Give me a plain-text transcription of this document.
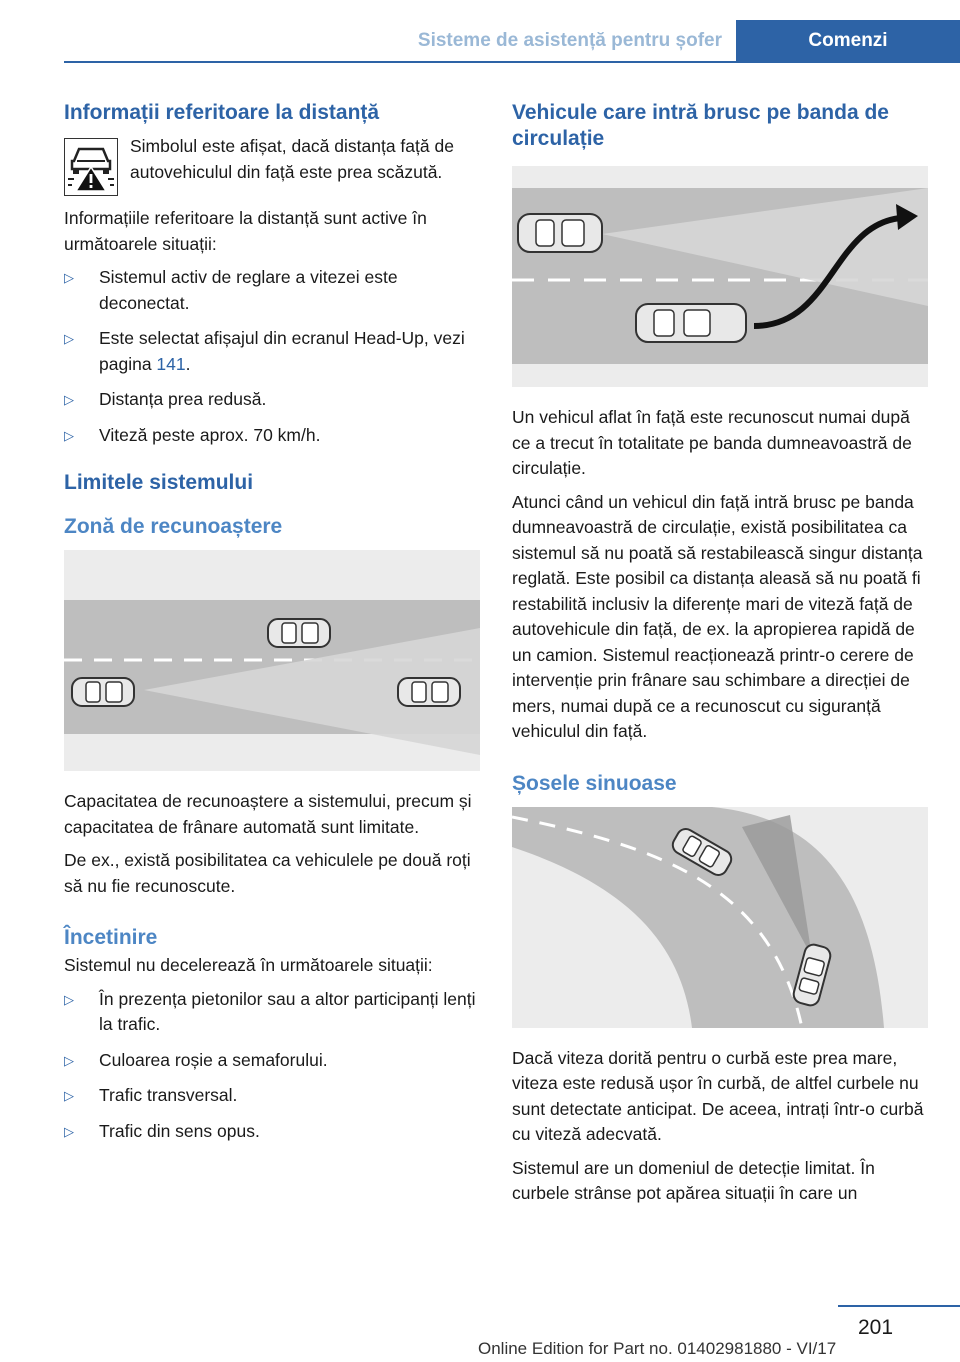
Sisteme de asistență pentru șofer	Comenzi
Informații referitoare la distanță
Simbolul este afișat, dacă distanța față de autovehiculul din față este prea scăzută.
Informațiile referitoare la distanță sunt active în următoarele situații:
▷	Sistemul activ de reglare a vitezei este deconectat.
▷	Este selectat afișajul din ecranul Head-Up, vezi pagina 141.
▷	Distanța prea redusă.
▷	Viteză peste aprox. 70 km/h.
Limitele sistemului
Zonă de recunoaștere
Capacitatea de recunoaștere a sistemului, precum și capacitatea de frânare automată sunt limitate.
De ex., există posibilitatea ca vehiculele pe două roți să nu fie recunoscute.
Încetinire
Sistemul nu decelerează în următoarele situații:
▷	În prezența pietonilor sau a altor participanți lenți la trafic.
▷	Culoarea roșie a semaforului.
▷	Trafic transversal.
▷	Trafic din sens opus.
Vehicule care intră brusc pe banda de circulație
Un vehicul aflat în față este recunoscut numai după ce a trecut în totalitate pe banda dumneavoastră de circulație.
Atunci când un vehicul din față intră brusc pe banda dumneavoastră de circulație, există posibilitatea ca sistemul să nu poată să restabilească singur distanța reglată. Este posibil ca distanța aleasă să nu poată fi restabilită inclusiv la diferențe mari de viteză față de autovehicule din față, de ex. la apropierea rapidă de un camion. Sistemul reacționează printr-o cerere de intervenție prin frânare sau schimbare a direcției de mers, numai după ce a recunoscut cu siguranță vehiculul din față.
Șosele sinuoase
Dacă viteza dorită pentru o curbă este prea mare, viteza este redusă ușor în curbă, de altfel curbele nu sunt detectate anticipat. De aceea, intrați într-o curbă cu viteză adecvată.
Sistemul are un domeniul de detecție limitat. În curbele strânse pot apărea situații în care un
201
Online Edition for Part no. 01402981880 - VI/17
